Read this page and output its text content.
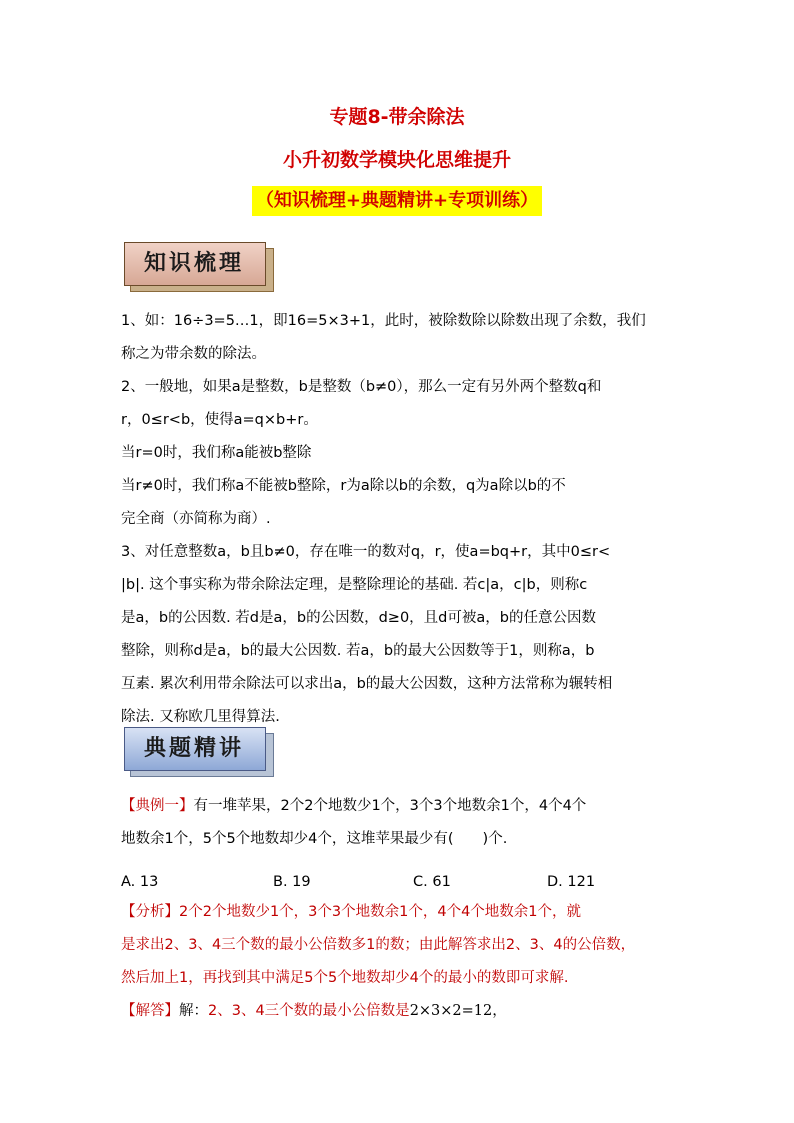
专题8-带余除法
小升初数学模块化思维提升
（知识梳理+典题精讲+专项训练）
知识梳理
1、如：16÷3=5…1，即16=5×3+1，此时，被除数除以除数出现了余数，我们
称之为带余数的除法。
2、一般地，如果a是整数，b是整数（b≠0），那么一定有另外两个整数q和
r，0≤r<b，使得a=q×b+r。
当r=0时，我们称a能被b整除
当r≠0时，我们称a不能被b整除，r为a除以b的余数，q为a除以b的不
完全商（亦简称为商）.
3、对任意整数a，b且b≠0，存在唯一的数对q，r，使a=bq+r，其中0≤r<
|b|. 这个事实称为带余除法定理，是整除理论的基础. 若c|a，c|b，则称c
是a，b的公因数. 若d是a，b的公因数，d≥0，且d可被a，b的任意公因数
整除，则称d是a，b的最大公因数. 若a，b的最大公因数等于1，则称a，b
互素. 累次利用带余除法可以求出a，b的最大公因数，这种方法常称为辗转相
除法. 又称欧几里得算法.
典题精讲
【典例一】有一堆苹果，2个2个地数少1个，3个3个地数余1个，4个4个
地数余1个，5个5个地数却少4个，这堆苹果最少有(　　)个.
A. 13	B. 19	C. 61	D. 121
【分析】2个2个地数少1个，3个3个地数余1个，4个4个地数余1个，就
是求出2、3、4三个数的最小公倍数多1的数；由此解答求出2、3、4的公倍数，
然后加上1，再找到其中满足5个5个地数却少4个的最小的数即可求解.
【解答】解：2、3、4三个数的最小公倍数是2×3×2=12，
